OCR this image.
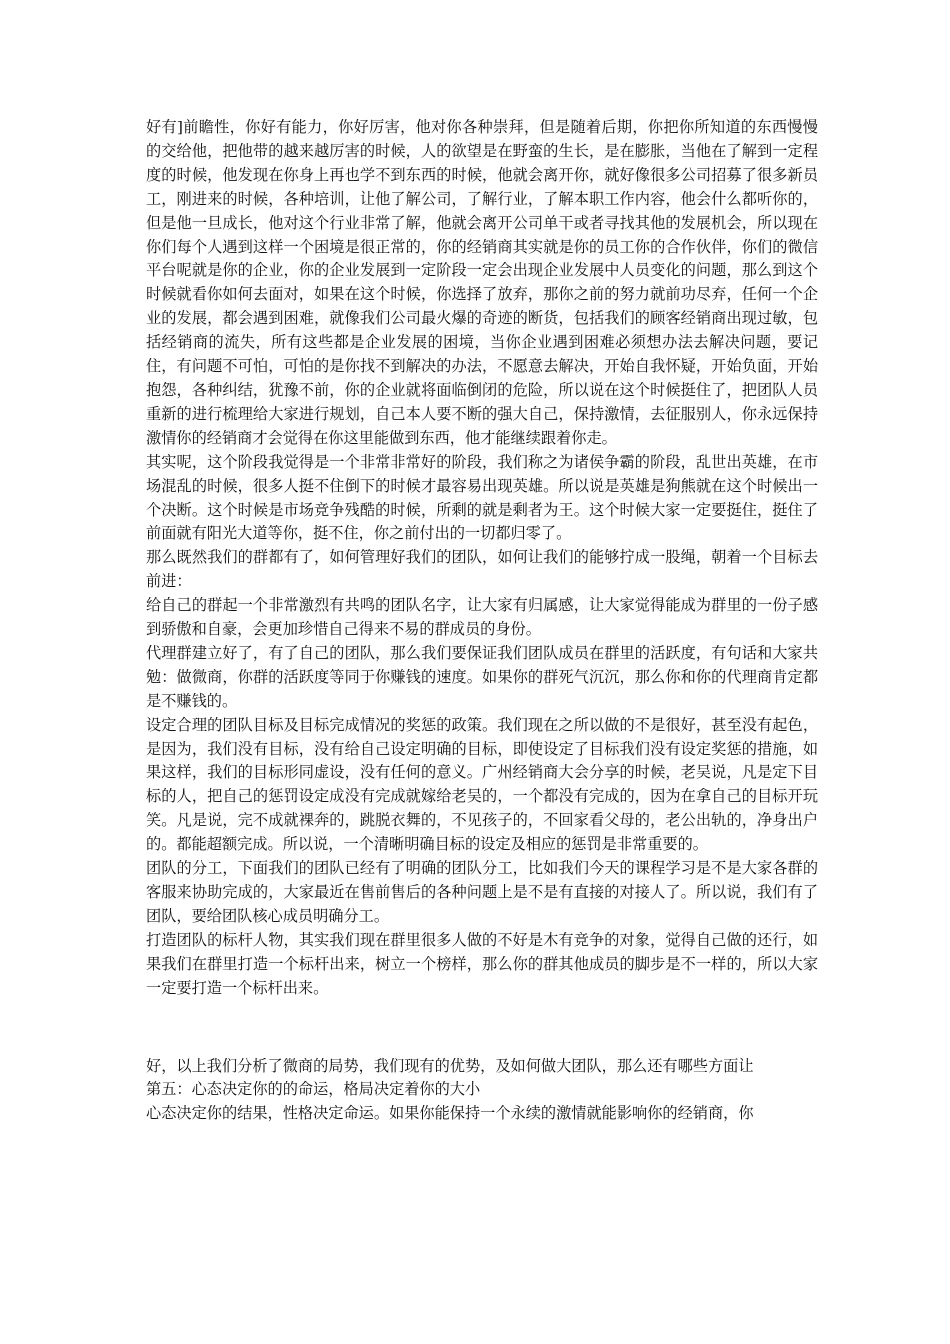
好有]前瞻性，你好有能力，你好厉害，他对你各种崇拜，但是随着后期，你把你所知道的东西慢慢的交给他，把他带的越来越厉害的时候，人的欲望是在野蛮的生长，是在膨胀，当他在了解到一定程度的时候，他发现在你身上再也学不到东西的时候，他就会离开你，就好像很多公司招募了很多新员工，刚进来的时候，各种培训，让他了解公司，了解行业，了解本职工作内容，他会什么都听你的，但是他一旦成长，他对这个行业非常了解，他就会离开公司单干或者寻找其他的发展机会，所以现在你们每个人遇到这样一个困境是很正常的，你的经销商其实就是你的员工你的合作伙伴，你们的微信平台呢就是你的企业，你的企业发展到一定阶段一定会出现企业发展中人员变化的问题，那么到这个时候就看你如何去面对，如果在这个时候，你选择了放弃，那你之前的努力就前功尽弃，任何一个企业的发展，都会遇到困难，就像我们公司最火爆的奇迹的断货，包括我们的顾客经销商出现过敏，包括经销商的流失，所有这些都是企业发展的困境，当你企业遇到困难必须想办法去解决问题，要记住，有问题不可怕，可怕的是你找不到解决的办法，不愿意去解决，开始自我怀疑，开始负面，开始抱怨，各种纠结，犹豫不前，你的企业就将面临倒闭的危险，所以说在这个时候挺住了，把团队人员重新的进行梳理给大家进行规划，自己本人要不断的强大自己，保持激情，去征服别人，你永远保持激情你的经销商才会觉得在你这里能做到东西，他才能继续跟着你走。

其实呢，这个阶段我觉得是一个非常非常好的阶段，我们称之为诸侯争霸的阶段，乱世出英雄，在市场混乱的时候，很多人挺不住倒下的时候才最容易出现英雄。所以说是英雄是狗熊就在这个时候出一个决断。这个时候是市场竞争残酷的时候，所剩的就是剩者为王。这个时候大家一定要挺住，挺住了前面就有阳光大道等你，挺不住，你之前付出的一切都归零了。

那么既然我们的群都有了，如何管理好我们的团队，如何让我们的能够拧成一股绳，朝着一个目标去前进：

给自己的群起一个非常激烈有共鸣的团队名字，让大家有归属感，让大家觉得能成为群里的一份子感到骄傲和自豪，会更加珍惜自己得来不易的群成员的身份。

代理群建立好了，有了自己的团队，那么我们要保证我们团队成员在群里的活跃度，有句话和大家共勉：做微商，你群的活跃度等同于你赚钱的速度。如果你的群死气沉沉，那么你和你的代理商肯定都是不赚钱的。

设定合理的团队目标及目标完成情况的奖惩的政策。我们现在之所以做的不是很好，甚至没有起色，是因为，我们没有目标，没有给自己设定明确的目标，即使设定了目标我们没有设定奖惩的措施，如果这样，我们的目标形同虚设，没有任何的意义。广州经销商大会分享的时候，老吴说，凡是定下目标的人，把自己的惩罚设定成没有完成就嫁给老吴的，一个都没有完成的，因为在拿自己的目标开玩笑。凡是说，完不成就裸奔的，跳脱衣舞的，不见孩子的，不回家看父母的，老公出轨的，净身出户的。都能超额完成。所以说，一个清晰明确目标的设定及相应的惩罚是非常重要的。

团队的分工，下面我们的团队已经有了明确的团队分工，比如我们今天的课程学习是不是大家各群的客服来协助完成的，大家最近在售前售后的各种问题上是不是有直接的对接人了。所以说，我们有了团队，要给团队核心成员明确分工。

打造团队的标杆人物，其实我们现在群里很多人做的不好是木有竞争的对象，觉得自己做的还行，如果我们在群里打造一个标杆出来，树立一个榜样，那么你的群其他成员的脚步是不一样的，所以大家一定要打造一个标杆出来。

好，以上我们分析了微商的局势，我们现有的优势，及如何做大团队，那么还有哪些方面让

第五：心态决定你的的命运，格局决定着你的大小

心态决定你的结果，性格决定命运。如果你能保持一个永续的激情就能影响你的经销商，你
